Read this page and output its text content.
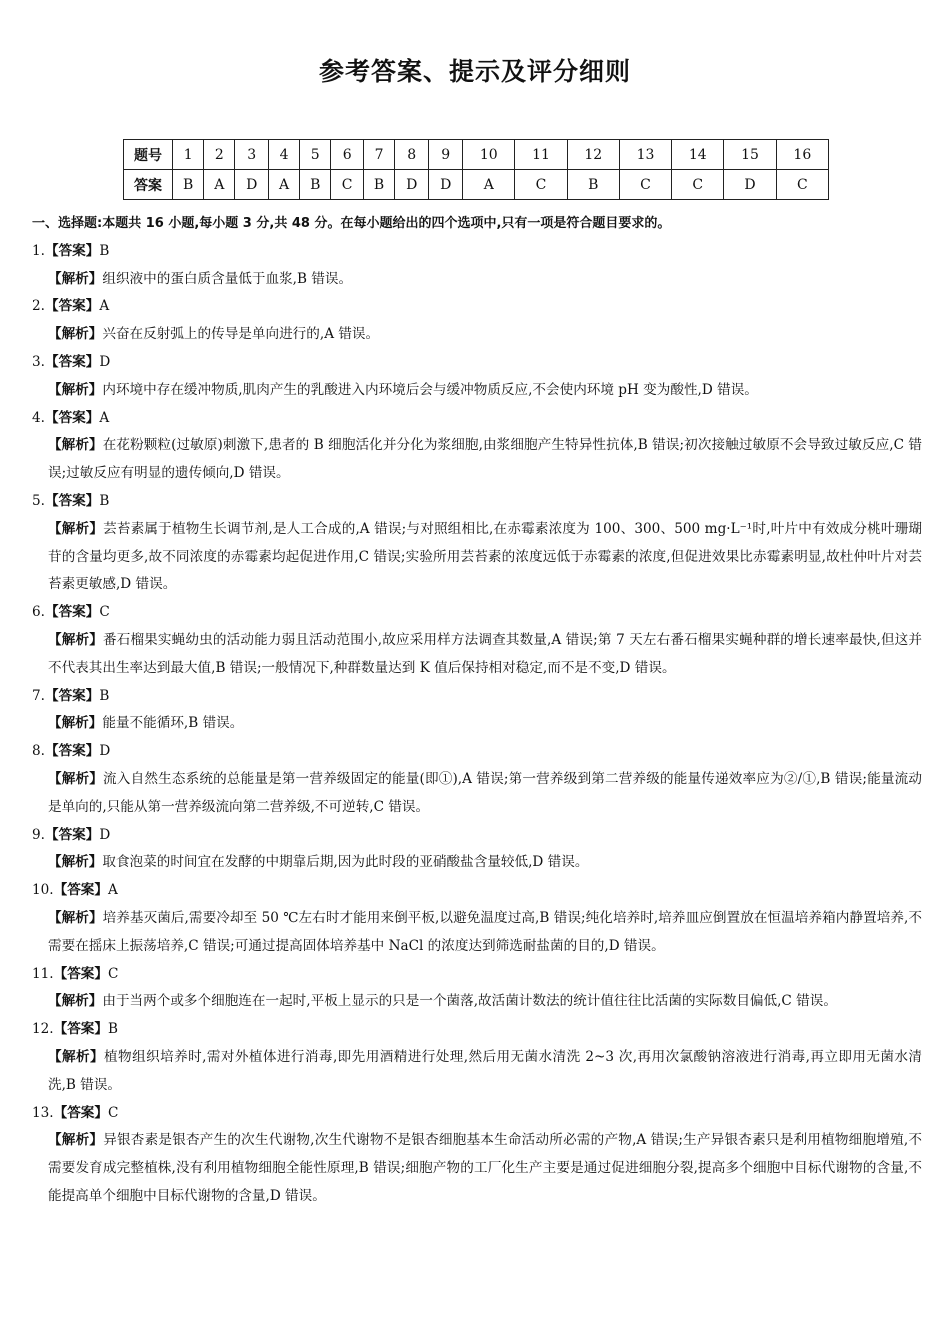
参考答案、提示及评分细则
题号	1	2	3	4	5	6	7	8	9	10	11	12	13	14	15	16
答案	B	A	D	A	B	C	B	D	D	A	C	B	C	C	D	C
一、选择题:本题共 16 小题,每小题 3 分,共 48 分。在每小题给出的四个选项中,只有一项是符合题目要求的。

1.【答案】B

【解析】组织液中的蛋白质含量低于血浆,B 错误。

2.【答案】A

【解析】兴奋在反射弧上的传导是单向进行的,A 错误。

3.【答案】D

【解析】内环境中存在缓冲物质,肌肉产生的乳酸进入内环境后会与缓冲物质反应,不会使内环境 pH 变为酸性,D 错误。

4.【答案】A

【解析】在花粉颗粒(过敏原)刺激下,患者的 B 细胞活化并分化为浆细胞,由浆细胞产生特异性抗体,B 错误;初次接触过敏原不会导致过敏反应,C 错误;过敏反应有明显的遗传倾向,D 错误。

5.【答案】B

【解析】芸苔素属于植物生长调节剂,是人工合成的,A 错误;与对照组相比,在赤霉素浓度为 100、300、500 mg·L⁻¹时,叶片中有效成分桃叶珊瑚苷的含量均更多,故不同浓度的赤霉素均起促进作用,C 错误;实验所用芸苔素的浓度远低于赤霉素的浓度,但促进效果比赤霉素明显,故杜仲叶片对芸苔素更敏感,D 错误。

6.【答案】C

【解析】番石榴果实蝇幼虫的活动能力弱且活动范围小,故应采用样方法调查其数量,A 错误;第 7 天左右番石榴果实蝇种群的增长速率最快,但这并不代表其出生率达到最大值,B 错误;一般情况下,种群数量达到 K 值后保持相对稳定,而不是不变,D 错误。

7.【答案】B

【解析】能量不能循环,B 错误。

8.【答案】D

【解析】流入自然生态系统的总能量是第一营养级固定的能量(即①),A 错误;第一营养级到第二营养级的能量传递效率应为②/①,B 错误;能量流动是单向的,只能从第一营养级流向第二营养级,不可逆转,C 错误。

9.【答案】D

【解析】取食泡菜的时间宜在发酵的中期靠后期,因为此时段的亚硝酸盐含量较低,D 错误。

10.【答案】A

【解析】培养基灭菌后,需要冷却至 50 ℃左右时才能用来倒平板,以避免温度过高,B 错误;纯化培养时,培养皿应倒置放在恒温培养箱内静置培养,不需要在摇床上振荡培养,C 错误;可通过提高固体培养基中 NaCl 的浓度达到筛选耐盐菌的目的,D 错误。

11.【答案】C

【解析】由于当两个或多个细胞连在一起时,平板上显示的只是一个菌落,故活菌计数法的统计值往往比活菌的实际数目偏低,C 错误。

12.【答案】B

【解析】植物组织培养时,需对外植体进行消毒,即先用酒精进行处理,然后用无菌水清洗 2~3 次,再用次氯酸钠溶液进行消毒,再立即用无菌水清洗,B 错误。

13.【答案】C

【解析】异银杏素是银杏产生的次生代谢物,次生代谢物不是银杏细胞基本生命活动所必需的产物,A 错误;生产异银杏素只是利用植物细胞增殖,不需要发育成完整植株,没有利用植物细胞全能性原理,B 错误;细胞产物的工厂化生产主要是通过促进细胞分裂,提高多个细胞中目标代谢物的含量,不能提高单个细胞中目标代谢物的含量,D 错误。
